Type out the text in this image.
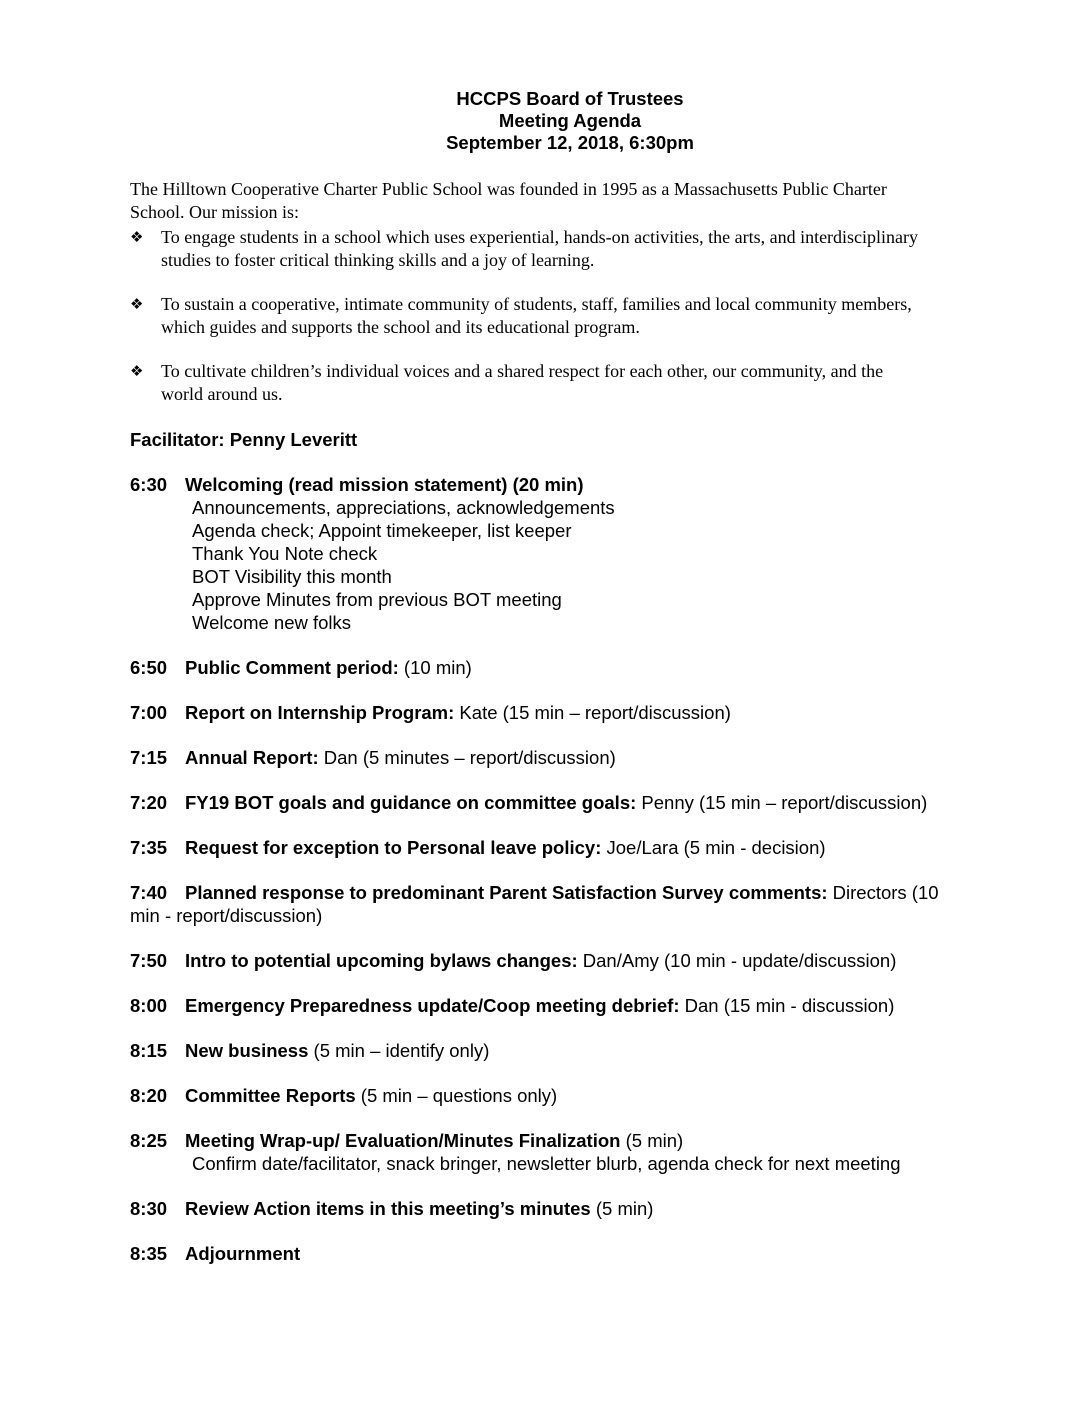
HCCPS Board of Trustees
Meeting Agenda
September 12, 2018, 6:30pm
The Hilltown Cooperative Charter Public School was founded in 1995 as a Massachusetts Public Charter
School. Our mission is:
❖ To engage students in a school which uses experiential, hands-on activities, the arts, and interdisciplinary
studies to foster critical thinking skills and a joy of learning.
❖ To sustain a cooperative, intimate community of students, staff, families and local community members,
which guides and supports the school and its educational program.
❖ To cultivate children’s individual voices and a shared respect for each other, our community, and the
world around us.
Facilitator: Penny Leveritt
6:30 Welcoming (read mission statement) (20 min)
Announcements, appreciations, acknowledgements
Agenda check; Appoint timekeeper, list keeper
Thank You Note check
BOT Visibility this month
Approve Minutes from previous BOT meeting
Welcome new folks
6:50 Public Comment period: (10 min)
7:00 Report on Internship Program: Kate (15 min – report/discussion)
7:15 Annual Report: Dan (5 minutes – report/discussion)
7:20 FY19 BOT goals and guidance on committee goals: Penny (15 min – report/discussion)
7:35 Request for exception to Personal leave policy: Joe/Lara (5 min - decision)
7:40 Planned response to predominant Parent Satisfaction Survey comments: Directors (10
min - report/discussion)
7:50 Intro to potential upcoming bylaws changes: Dan/Amy (10 min - update/discussion)
8:00 Emergency Preparedness update/Coop meeting debrief: Dan (15 min - discussion)
8:15 New business (5 min – identify only)
8:20 Committee Reports (5 min – questions only)
8:25 Meeting Wrap-up/ Evaluation/Minutes Finalization (5 min)
Confirm date/facilitator, snack bringer, newsletter blurb, agenda check for next meeting
8:30 Review Action items in this meeting’s minutes (5 min)
8:35 Adjournment
